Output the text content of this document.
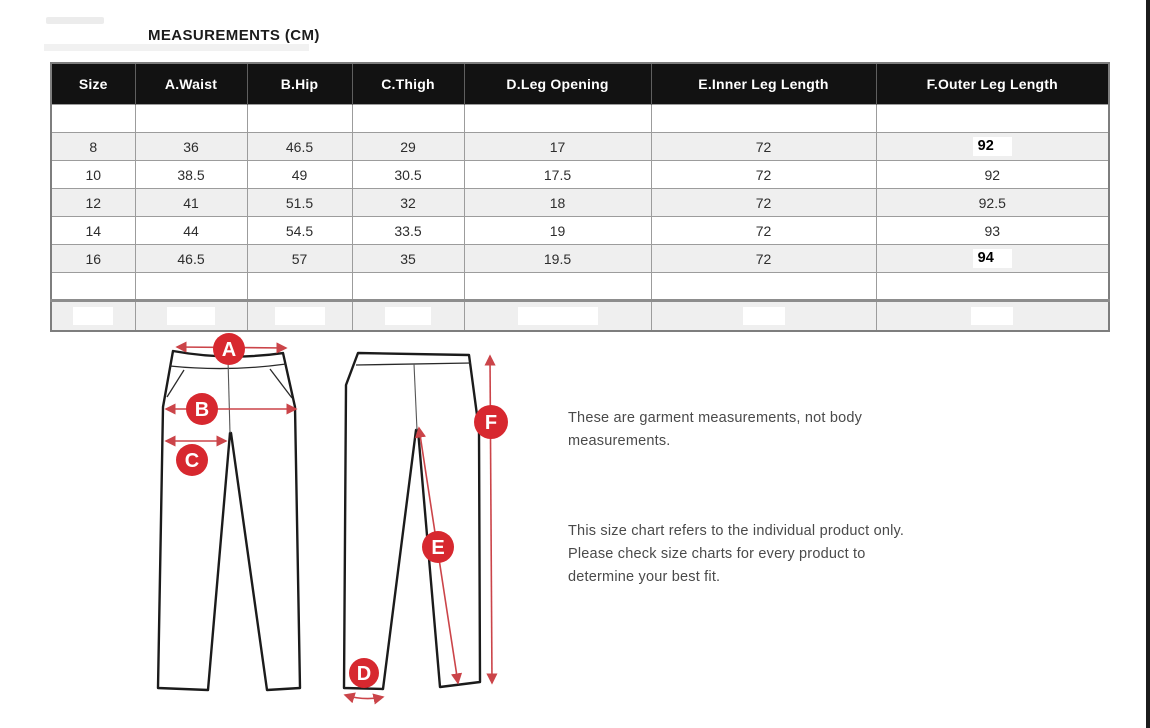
MEASUREMENTS (CM)
Size	A.Waist	B.Hip	C.Thigh	D.Leg Opening	E.Inner Leg Length	F.Outer Leg Length

8	36	46.5	29	17	72	92
10	38.5	49	30.5	17.5	72	92
12	41	51.5	32	18	72	92.5
14	44	54.5	33.5	19	72	93
16	46.5	57	35	19.5	72	94

A
B
C
D
E
F	These are garment measurements, not body measurements.
This size chart refers to the individual product only. Please check size charts for every product to determine your best fit.
